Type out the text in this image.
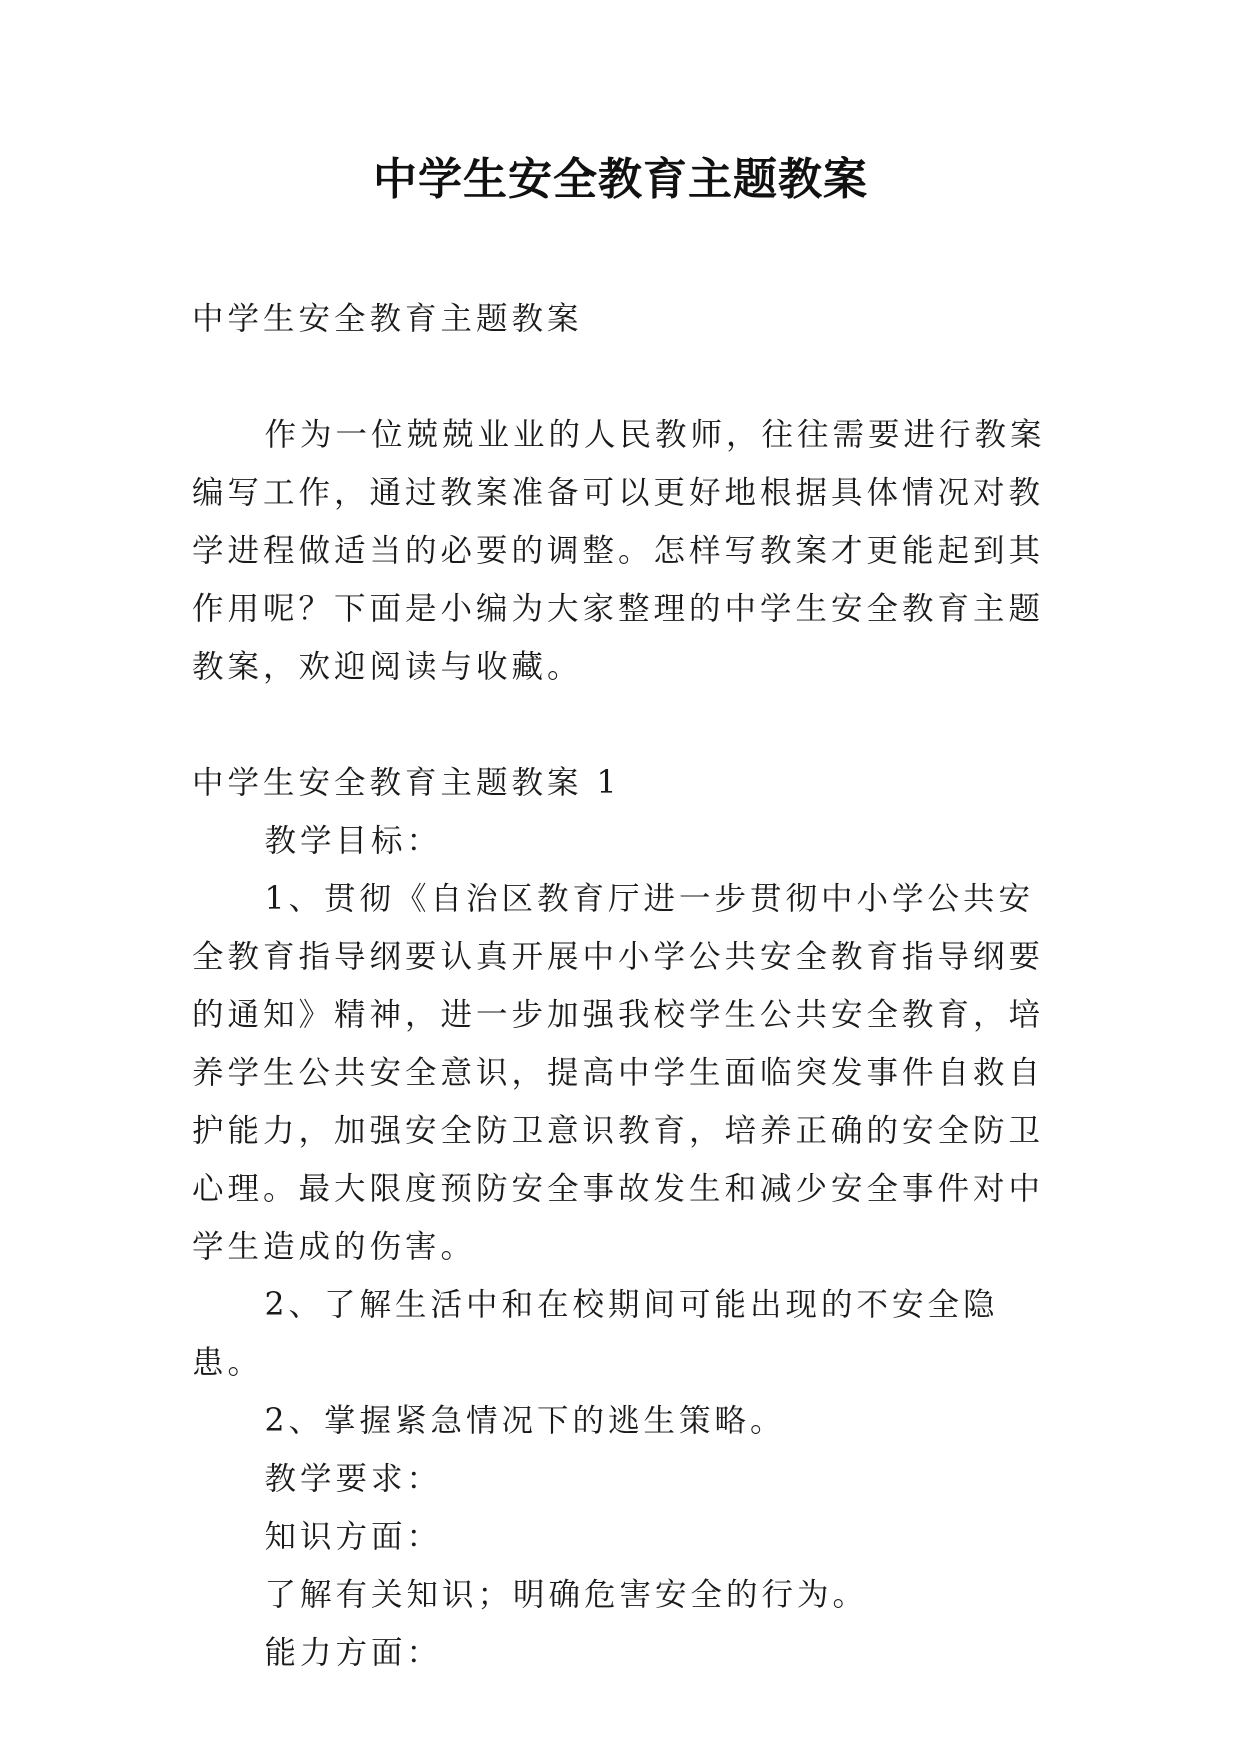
中学生安全教育主题教案

中学生安全教育主题教案

作为一位兢兢业业的人民教师，往往需要进行教案编写工作，通过教案准备可以更好地根据具体情况对教学进程做适当的必要的调整。怎样写教案才更能起到其作用呢？下面是小编为大家整理的中学生安全教育主题教案，欢迎阅读与收藏。

中学生安全教育主题教案 1

教学目标：

1、贯彻《自治区教育厅进一步贯彻中小学公共安全教育指导纲要认真开展中小学公共安全教育指导纲要的通知》精神，进一步加强我校学生公共安全教育，培养学生公共安全意识，提高中学生面临突发事件自救自护能力，加强安全防卫意识教育，培养正确的安全防卫心理。最大限度预防安全事故发生和减少安全事件对中学生造成的伤害。

2、了解生活中和在校期间可能出现的不安全隐患。

2、掌握紧急情况下的逃生策略。

教学要求：

知识方面：

了解有关知识；明确危害安全的行为。

能力方面：
